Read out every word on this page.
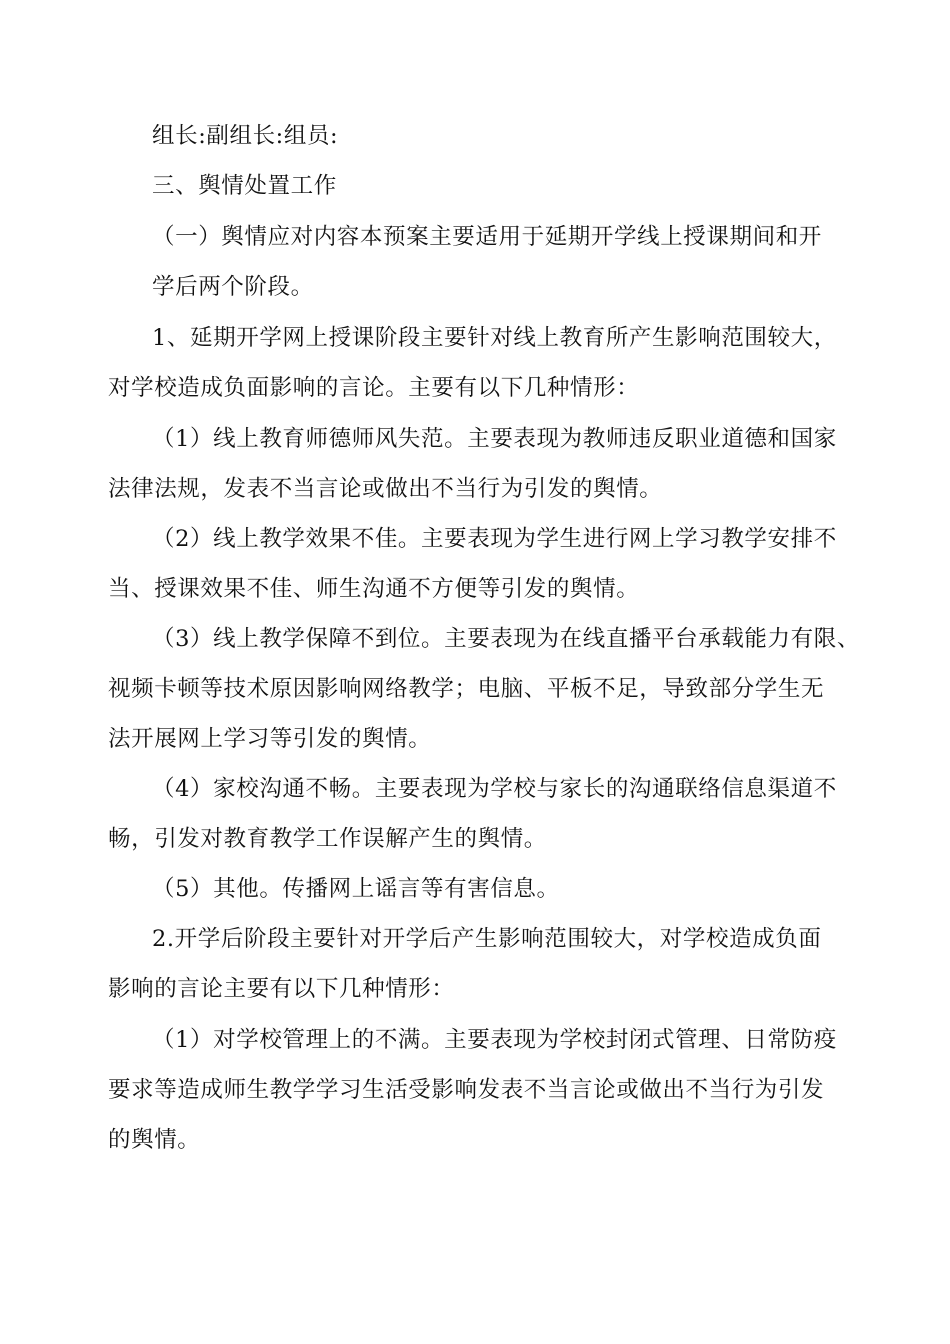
组长:副组长:组员:
三、舆情处置工作
（一）舆情应对内容本预案主要适用于延期开学线上授课期间和开
学后两个阶段。
1、延期开学网上授课阶段主要针对线上教育所产生影响范围较大，
对学校造成负面影响的言论。主要有以下几种情形：
（1）线上教育师德师风失范。主要表现为教师违反职业道德和国家
法律法规，发表不当言论或做出不当行为引发的舆情。
（2）线上教学效果不佳。主要表现为学生进行网上学习教学安排不
当、授课效果不佳、师生沟通不方便等引发的舆情。
（3）线上教学保障不到位。主要表现为在线直播平台承载能力有限、
视频卡顿等技术原因影响网络教学；电脑、平板不足，导致部分学生无
法开展网上学习等引发的舆情。
（4）家校沟通不畅。主要表现为学校与家长的沟通联络信息渠道不
畅，引发对教育教学工作误解产生的舆情。
（5）其他。传播网上谣言等有害信息。
2.开学后阶段主要针对开学后产生影响范围较大，对学校造成负面
影响的言论主要有以下几种情形：
（1）对学校管理上的不满。主要表现为学校封闭式管理、日常防疫
要求等造成师生教学学习生活受影响发表不当言论或做出不当行为引发
的舆情。
